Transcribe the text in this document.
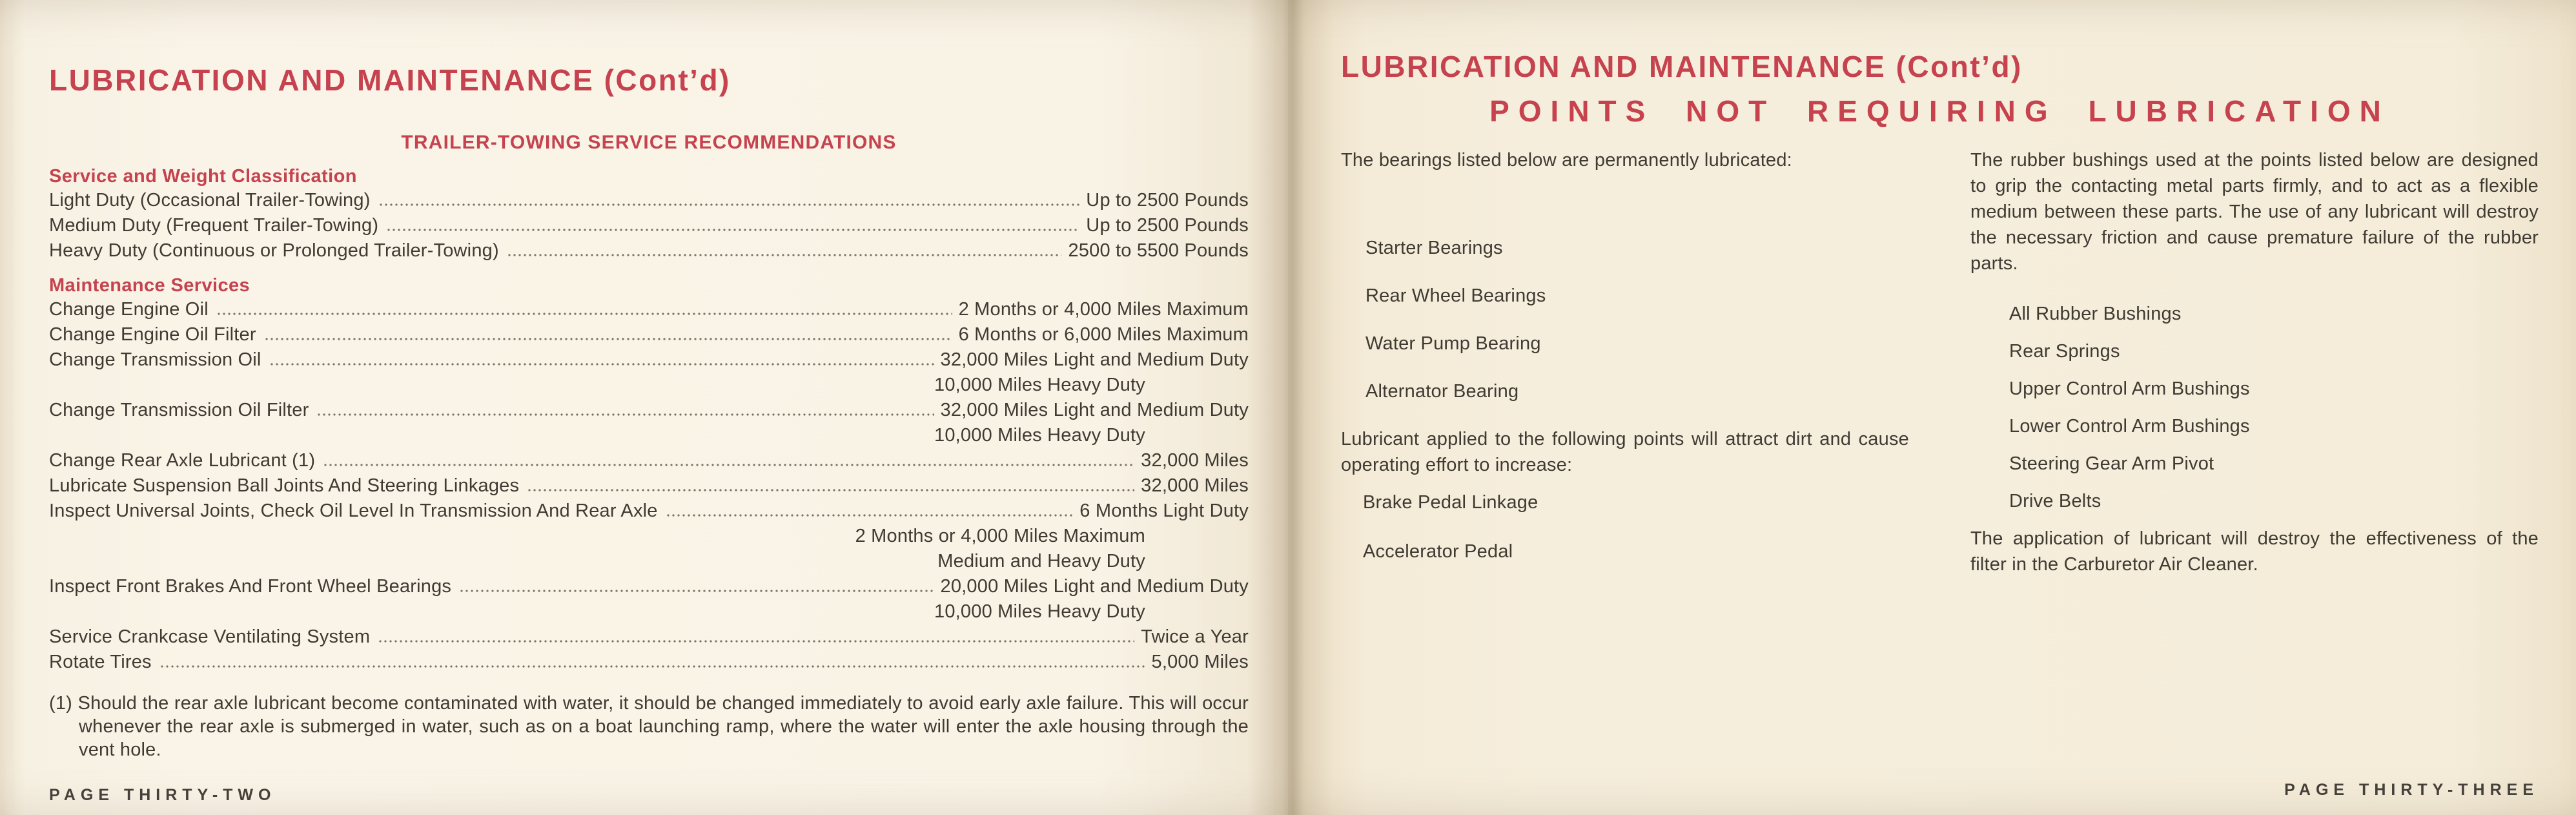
LUBRICATION AND MAINTENANCE (Cont’d)
TRAILER-TOWING SERVICE RECOMMENDATIONS
Service and Weight Classification
Light Duty (Occasional Trailer-Towing)	Up to 2500 Pounds
Medium Duty (Frequent Trailer-Towing)	Up to 2500 Pounds
Heavy Duty (Continuous or Prolonged Trailer-Towing)	2500 to 5500 Pounds
Maintenance Services
Change Engine Oil	2 Months or 4,000 Miles Maximum
Change Engine Oil Filter	6 Months or 6,000 Miles Maximum
Change Transmission Oil	32,000 Miles Light and Medium Duty
10,000 Miles Heavy Duty
Change Transmission Oil Filter	32,000 Miles Light and Medium Duty
10,000 Miles Heavy Duty
Change Rear Axle Lubricant (1)	32,000 Miles
Lubricate Suspension Ball Joints And Steering Linkages	32,000 Miles
Inspect Universal Joints, Check Oil Level In Transmission And Rear Axle	6 Months Light Duty
2 Months or 4,000 Miles Maximum
Medium and Heavy Duty
Inspect Front Brakes And Front Wheel Bearings	20,000 Miles Light and Medium Duty
10,000 Miles Heavy Duty
Service Crankcase Ventilating System	Twice a Year
Rotate Tires	5,000 Miles

(1) Should the rear axle lubricant become contaminated with water, it should be changed immediately to avoid early axle failure. This will occur whenever the rear axle is submerged in water, such as on a boat launching ramp, where the water will enter the axle housing through the vent hole.

PAGE THIRTY-TWO
LUBRICATION AND MAINTENANCE (Cont’d)
POINTS NOT REQUIRING LUBRICATION

The bearings listed below are permanently lubricated:

Starter Bearings
Rear Wheel Bearings
Water Pump Bearing
Alternator Bearing

Lubricant applied to the following points will attract dirt and cause operating effort to increase:

Brake Pedal Linkage
Accelerator Pedal

The rubber bushings used at the points listed below are designed to grip the contacting metal parts firmly, and to act as a flexible medium between these parts. The use of any lubricant will destroy the necessary friction and cause premature failure of the rubber parts.

All Rubber Bushings
Rear Springs
Upper Control Arm Bushings
Lower Control Arm Bushings
Steering Gear Arm Pivot
Drive Belts

The application of lubricant will destroy the effectiveness of the filter in the Carburetor Air Cleaner.

PAGE THIRTY-THREE
